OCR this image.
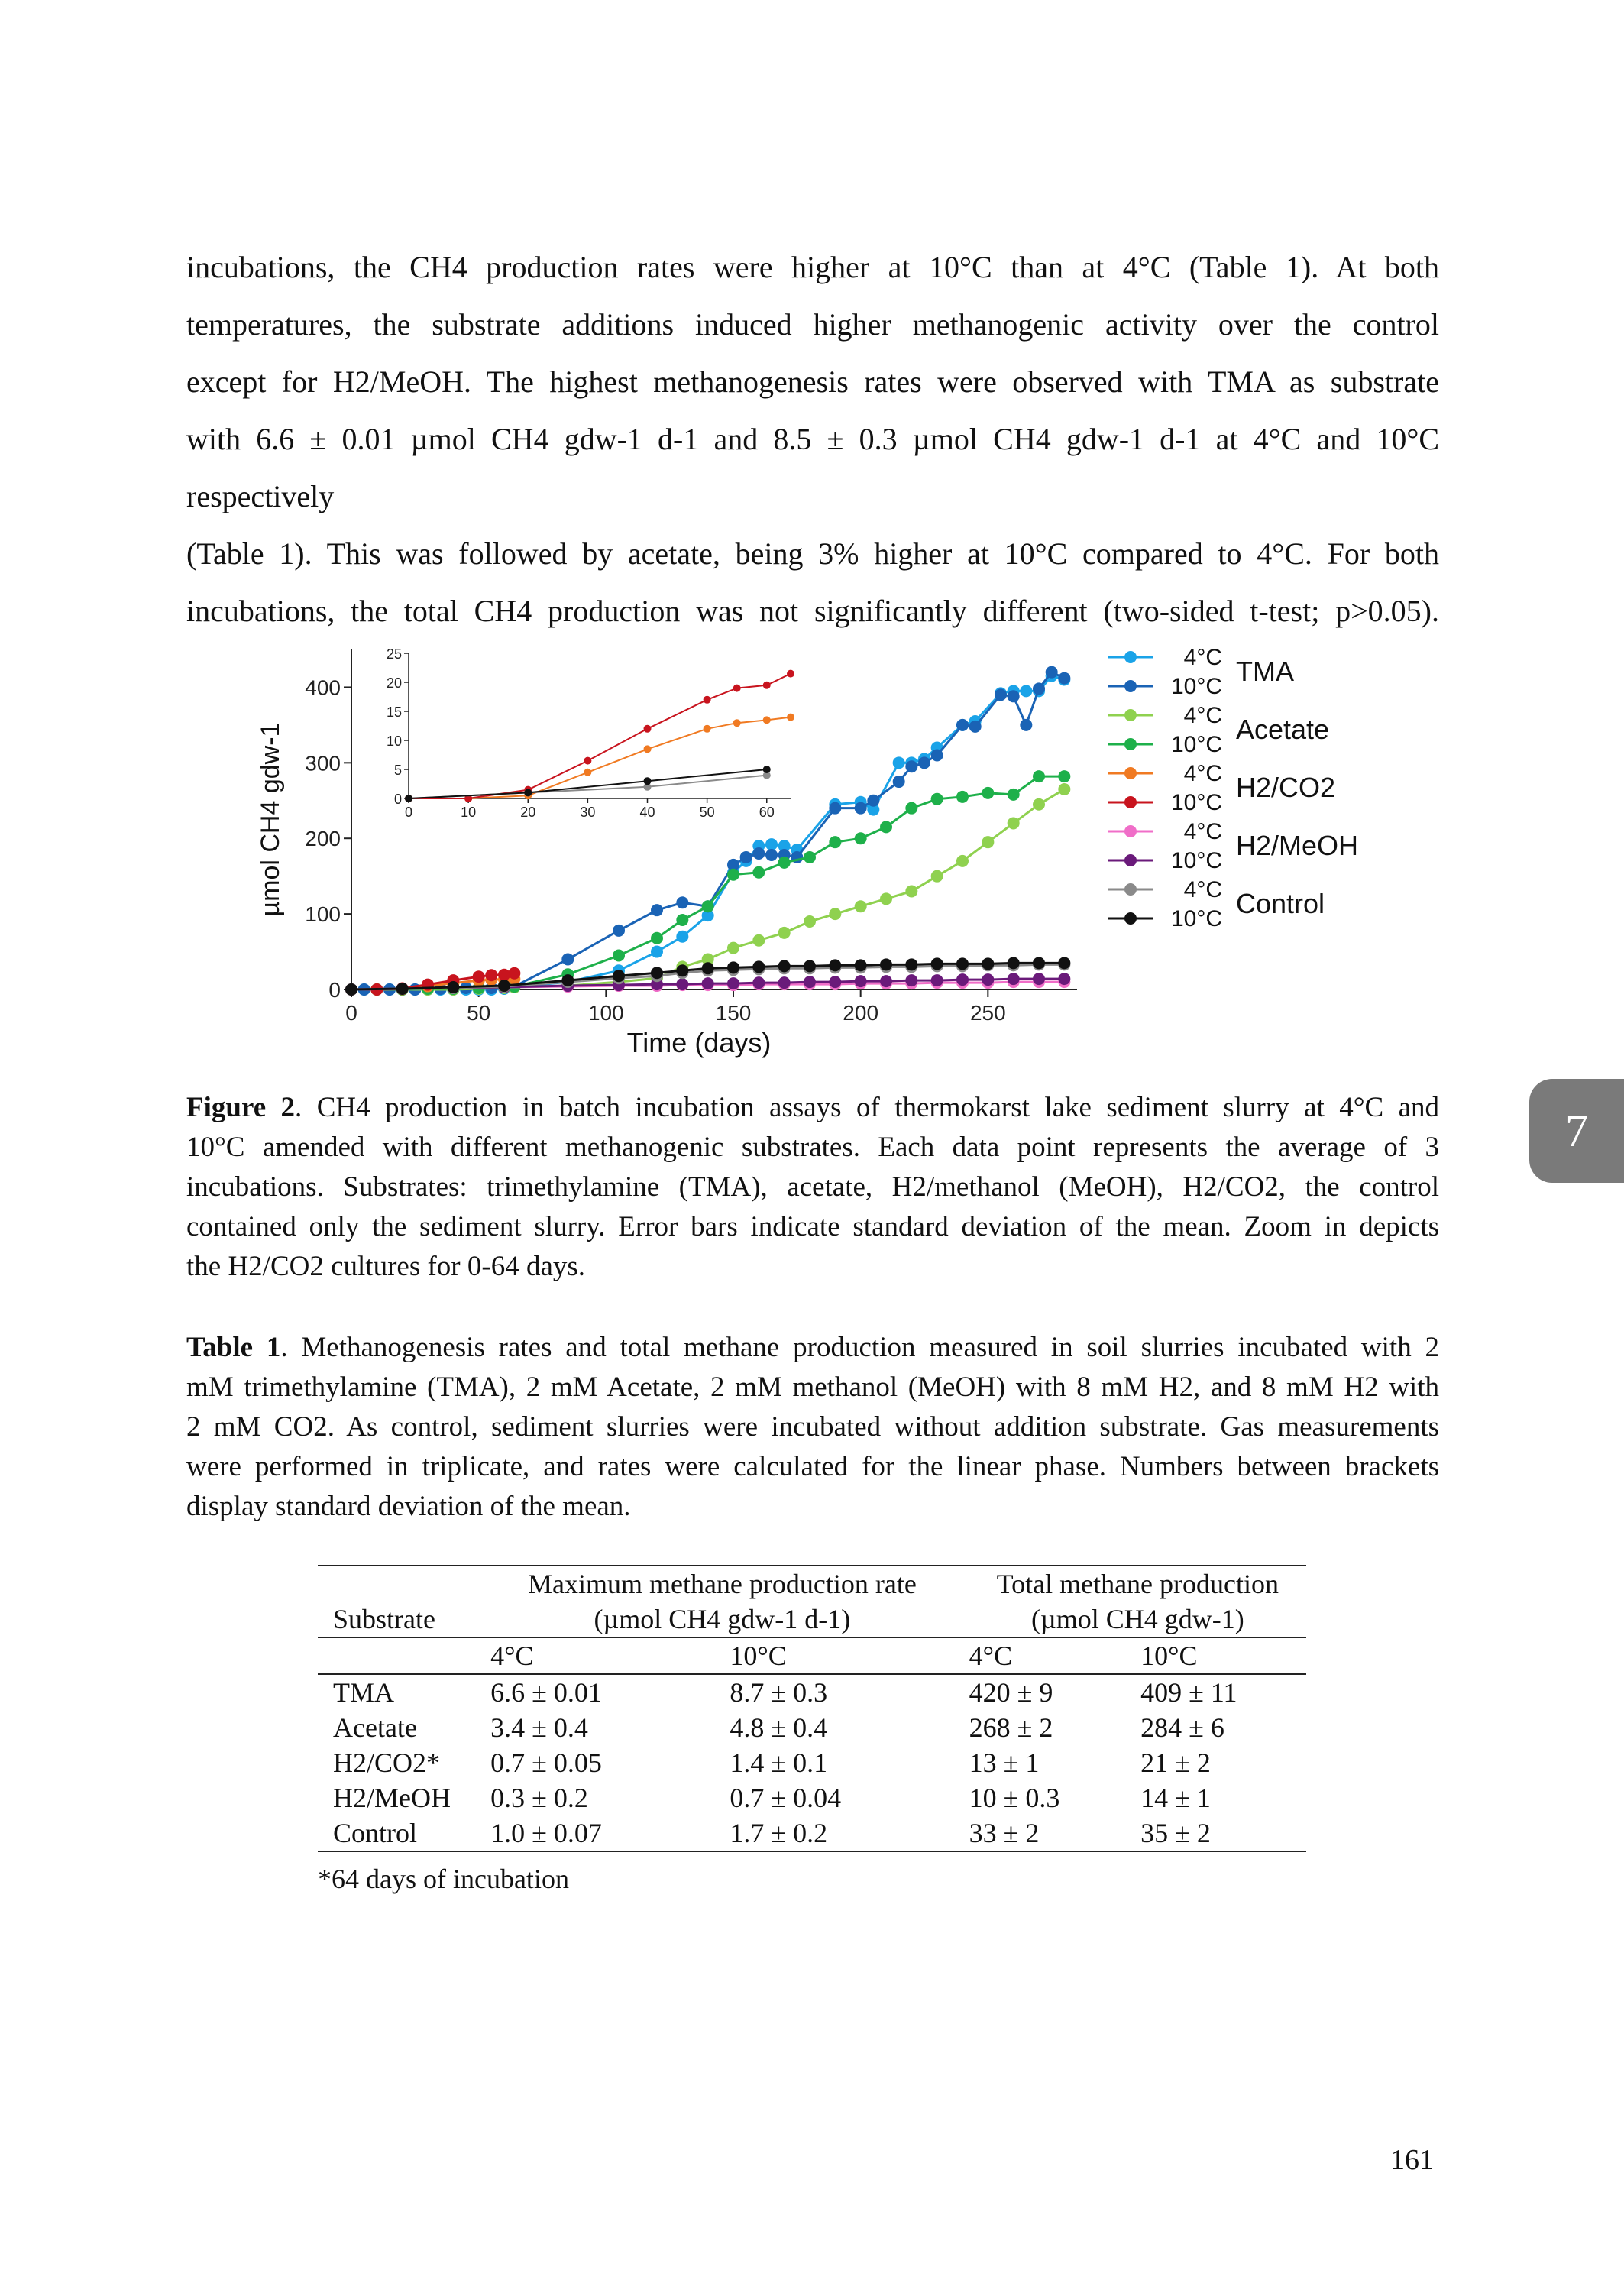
incubations, the CH4 production rates were higher at 10°C than at 4°C (Table 1). At both
temperatures, the substrate additions induced higher methanogenic activity over the control
except for H2/MeOH. The highest methanogenesis rates were observed with TMA as substrate
with 6.6 ± 0.01 µmol CH4 gdw-1 d-1 and 8.5 ± 0.3 µmol CH4 gdw-1 d-1 at 4°C and 10°C respectively
(Table 1). This was followed by acetate, being 3% higher at 10°C compared to 4°C. For both
incubations, the total CH4 production was not significantly different (two-sided t-test; p>0.05).
0
100
200
300
400
0	50	100	150	200	250
Time (days)
µmol CH4 gdw-1	0
5
10
15
20
25
0	10	20	30	40	50	60
4°C
10°C
4°C
10°C
4°C
10°C
4°C
10°C
4°C
10°C
TMA
Acetate
H2/CO2
H2/MeOH
Control
Figure 2. CH4 production in batch incubation assays of thermokarst lake sediment slurry at 4°C and
10°C amended with different methanogenic substrates. Each data point represents the average of 3
incubations. Substrates: trimethylamine (TMA), acetate, H2/methanol (MeOH), H2/CO2, the control
contained only the sediment slurry. Error bars indicate standard deviation of the mean. Zoom in depicts
the H2/CO2 cultures for 0-64 days.
Table 1. Methanogenesis rates and total methane production measured in soil slurries incubated with 2
mM trimethylamine (TMA), 2 mM Acetate, 2 mM methanol (MeOH) with 8 mM H2, and 8 mM H2 with
2 mM CO2. As control, sediment slurries were incubated without addition substrate. Gas measurements
were performed in triplicate, and rates were calculated for the linear phase. Numbers between brackets
display standard deviation of the mean.
Substrate	Maximum methane production rate		Total methane production	
	(µmol CH4 gdw-1 d-1)		(µmol CH4 gdw-1)	
	4°C	10°C	4°C	10°C
TMA	6.6 ± 0.01	8.7 ± 0.3	420 ± 9	409 ± 11
Acetate	3.4 ± 0.4	4.8 ± 0.4	268 ± 2	284 ± 6
H2/CO2*	0.7 ± 0.05	1.4 ± 0.1	13 ± 1	21 ± 2
H2/MeOH	0.3 ± 0.2	0.7 ± 0.04	10 ± 0.3	14 ± 1
Control	1.0 ± 0.07	1.7 ± 0.2	33 ± 2	35 ± 2
*64 days of incubation
7
161
